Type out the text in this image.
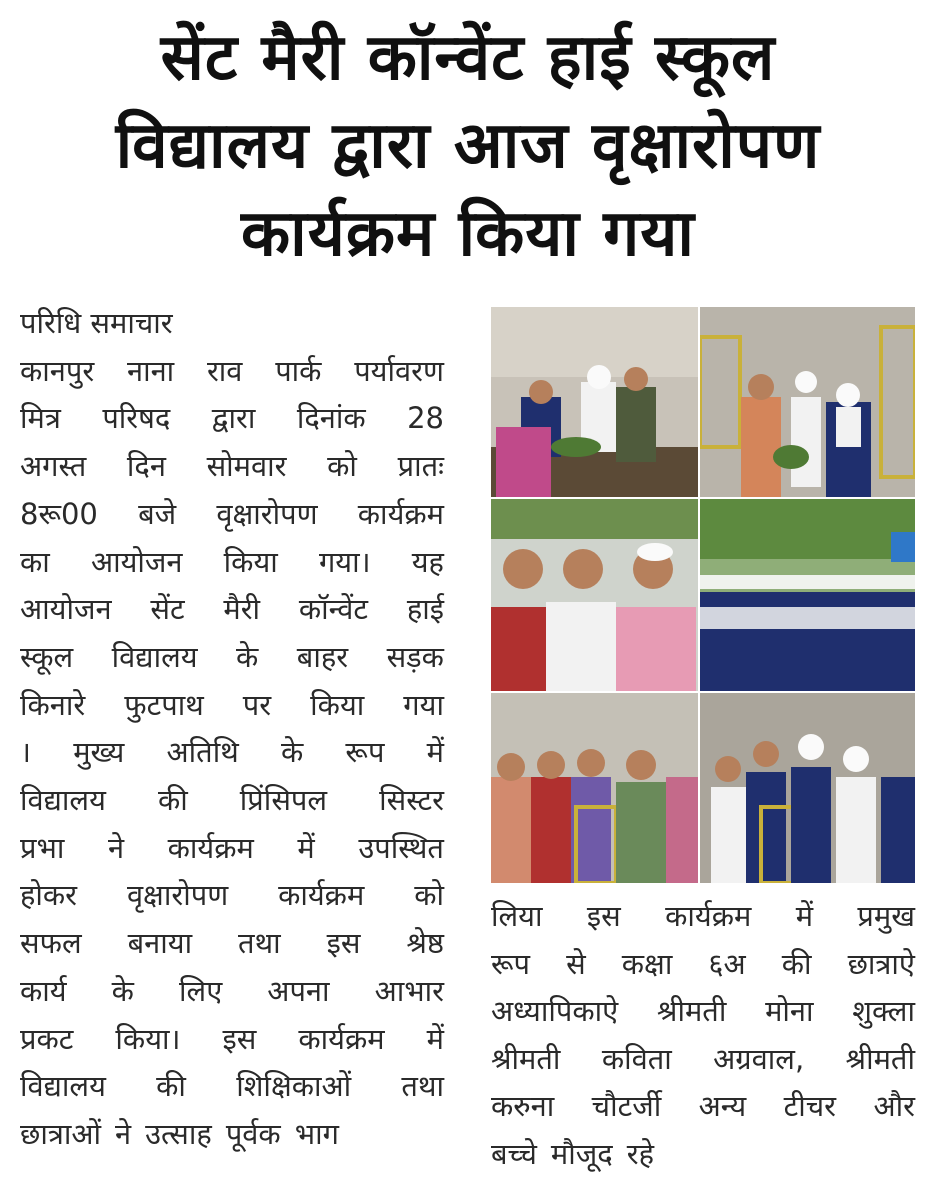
सेंट मैरी कॉन्वेंट हाई स्कूल
विद्यालय द्वारा आज वृक्षारोपण
कार्यक्रम किया गया
परिधि समाचार
कानपुर नाना राव पार्क पर्यावरण
मित्र परिषद द्वारा दिनांक 28
अगस्त दिन सोमवार को प्रातः
8रू00 बजे वृक्षारोपण कार्यक्रम
का आयोजन किया गया। यह
आयोजन सेंट मैरी कॉन्वेंट हाई
स्कूल विद्यालय के बाहर सड़क
किनारे फुटपाथ पर किया गया
। मुख्य अतिथि के रूप में
विद्यालय की प्रिंसिपल सिस्टर
प्रभा ने कार्यक्रम में उपस्थित
होकर वृक्षारोपण कार्यक्रम को
सफल बनाया तथा इस श्रेष्ठ
कार्य के लिए अपना आभार
प्रकट किया। इस कार्यक्रम में
विद्यालय की शिक्षिकाओं तथा
छात्राओं ने उत्साह पूर्वक भाग
लिया इस कार्यक्रम में प्रमुख
रूप से कक्षा ६अ की छात्राऐ
अध्यापिकाऐ श्रीमती मोना शुक्ला
श्रीमती कविता अग्रवाल, श्रीमती
करुना चौटर्जी अन्य टीचर और
बच्चे मौजूद रहे
